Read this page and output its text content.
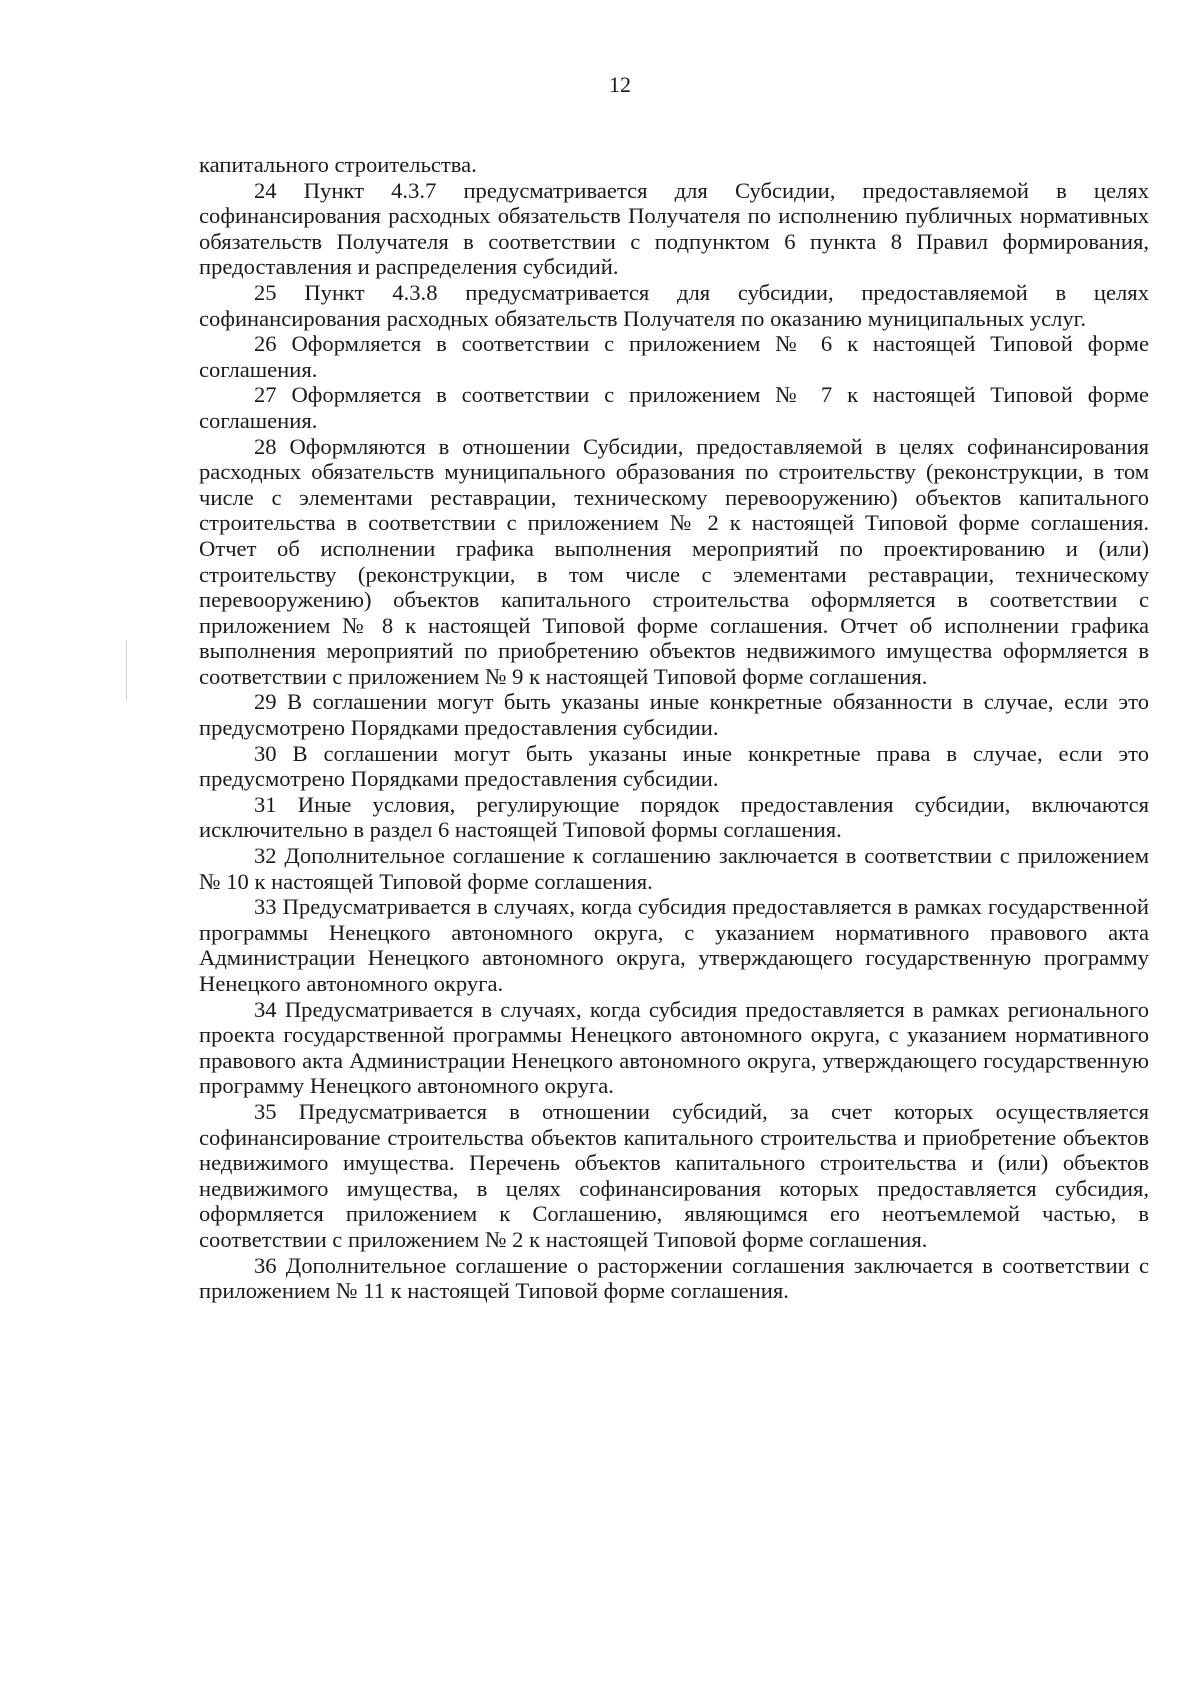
12

капитального строительства.

24 Пункт 4.3.7 предусматривается для Субсидии, предоставляемой в целях софинансирования расходных обязательств Получателя по исполнению публичных нормативных обязательств Получателя в соответствии с подпунктом 6 пункта 8 Правил формирования, предоставления и распределения субсидий.

25 Пункт 4.3.8 предусматривается для субсидии, предоставляемой в целях софинансирования расходных обязательств Получателя по оказанию муниципальных услуг.

26 Оформляется в соответствии с приложением № 6 к настоящей Типовой форме соглашения.

27 Оформляется в соответствии с приложением № 7 к настоящей Типовой форме соглашения.

28 Оформляются в отношении Субсидии, предоставляемой в целях софинансирования расходных обязательств муниципального образования по строительству (реконструкции, в том числе с элементами реставрации, техническому перевооружению) объектов капитального строительства в соответствии с приложением № 2 к настоящей Типовой форме соглашения. Отчет об исполнении графика выполнения мероприятий по проектированию и (или) строительству (реконструкции, в том числе с элементами реставрации, техническому перевооружению) объектов капитального строительства оформляется в соответствии с приложением № 8 к настоящей Типовой форме соглашения. Отчет об исполнении графика выполнения мероприятий по приобретению объектов недвижимого имущества оформляется в соответствии с приложением № 9 к настоящей Типовой форме соглашения.

29 В соглашении могут быть указаны иные конкретные обязанности в случае, если это предусмотрено Порядками предоставления субсидии.

30 В соглашении могут быть указаны иные конкретные права в случае, если это предусмотрено Порядками предоставления субсидии.

31 Иные условия, регулирующие порядок предоставления субсидии, включаются исключительно в раздел 6 настоящей Типовой формы соглашения.

32 Дополнительное соглашение к соглашению заключается в соответствии с приложением № 10 к настоящей Типовой форме соглашения.

33 Предусматривается в случаях, когда субсидия предоставляется в рамках государственной программы Ненецкого автономного округа, с указанием нормативного правового акта Администрации Ненецкого автономного округа, утверждающего государственную программу Ненецкого автономного округа.

34 Предусматривается в случаях, когда субсидия предоставляется в рамках регионального проекта государственной программы Ненецкого автономного округа, с указанием нормативного правового акта Администрации Ненецкого автономного округа, утверждающего государственную программу Ненецкого автономного округа.

35 Предусматривается в отношении субсидий, за счет которых осуществляется софинансирование строительства объектов капитального строительства и приобретение объектов недвижимого имущества. Перечень объектов капитального строительства и (или) объектов недвижимого имущества, в целях софинансирования которых предоставляется субсидия, оформляется приложением к Соглашению, являющимся его неотъемлемой частью, в соответствии с приложением № 2 к настоящей Типовой форме соглашения.

36 Дополнительное соглашение о расторжении соглашения заключается в соответствии с приложением № 11 к настоящей Типовой форме соглашения.
